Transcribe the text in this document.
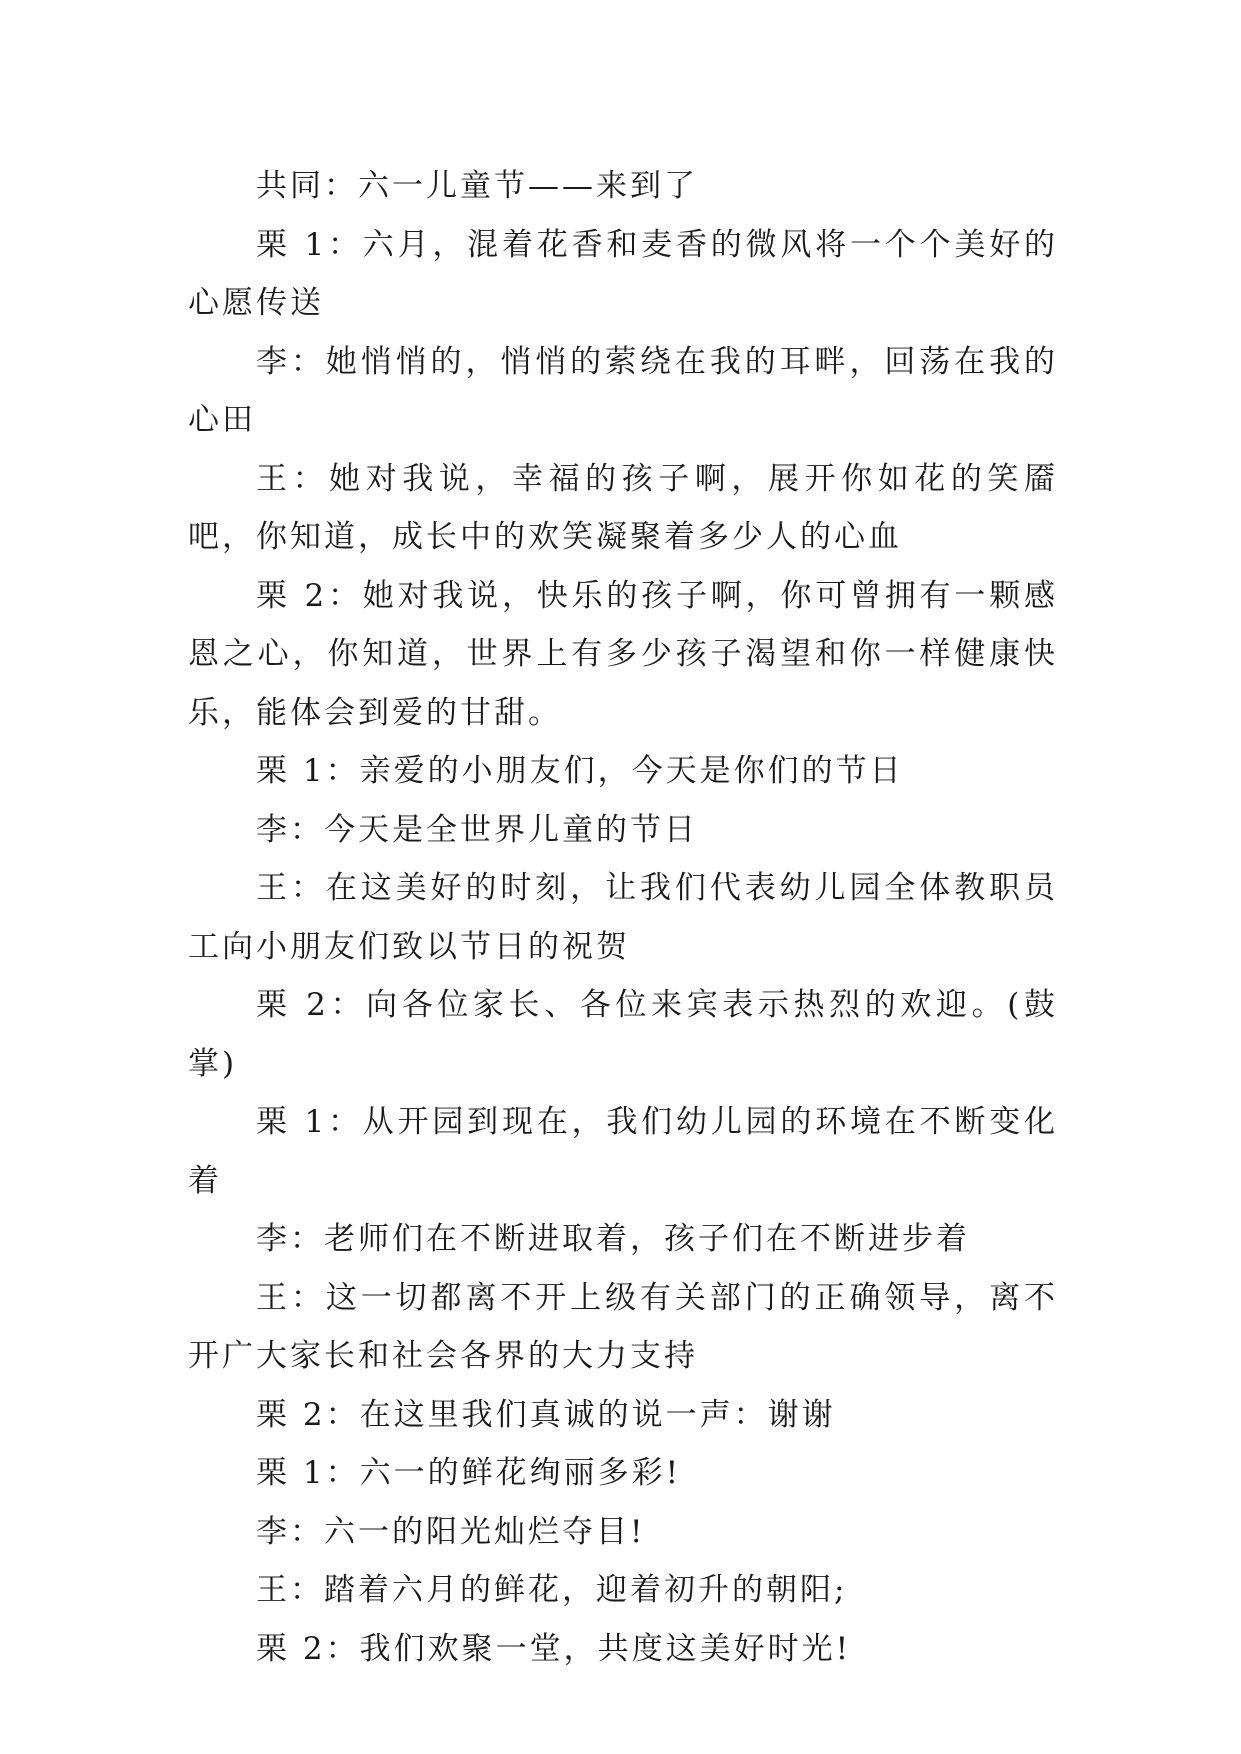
共同：六一儿童节——来到了

栗 1：六月，混着花香和麦香的微风将一个个美好的心愿传送

李：她悄悄的，悄悄的萦绕在我的耳畔，回荡在我的心田

王：她对我说，幸福的孩子啊，展开你如花的笑靥吧，你知道，成长中的欢笑凝聚着多少人的心血

栗 2：她对我说，快乐的孩子啊，你可曾拥有一颗感恩之心，你知道，世界上有多少孩子渴望和你一样健康快乐，能体会到爱的甘甜。

栗 1：亲爱的小朋友们，今天是你们的节日

李：今天是全世界儿童的节日

王：在这美好的时刻，让我们代表幼儿园全体教职员工向小朋友们致以节日的祝贺

栗 2：向各位家长、各位来宾表示热烈的欢迎。(鼓掌)

栗 1：从开园到现在，我们幼儿园的环境在不断变化着

李：老师们在不断进取着，孩子们在不断进步着

王：这一切都离不开上级有关部门的正确领导，离不开广大家长和社会各界的大力支持

栗 2：在这里我们真诚的说一声：谢谢

栗 1：六一的鲜花绚丽多彩!

李：六一的阳光灿烂夺目!

王：踏着六月的鲜花，迎着初升的朝阳;

栗 2：我们欢聚一堂，共度这美好时光!
